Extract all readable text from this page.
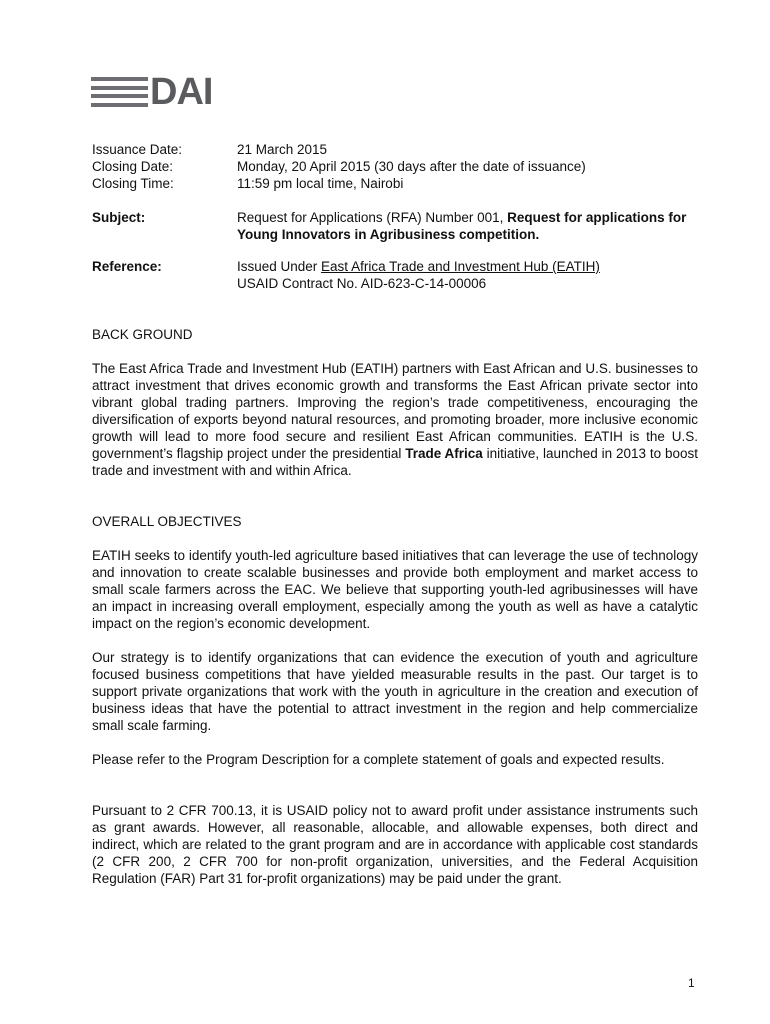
DAI
Issuance Date:	21 March 2015
Closing Date:	Monday, 20 April 2015 (30 days after the date of issuance)
Closing Time:	11:59 pm local time, Nairobi
Subject:	Request for Applications (RFA) Number 001, Request for applications for Young Innovators in Agribusiness competition.
Reference:	Issued Under East Africa Trade and Investment Hub (EATIH)
USAID Contract No. AID-623-C-14-00006
BACK GROUND
The East Africa Trade and Investment Hub (EATIH) partners with East African and U.S. businesses to attract investment that drives economic growth and transforms the East African private sector into vibrant global trading partners. Improving the region’s trade competitiveness, encouraging the diversification of exports beyond natural resources, and promoting broader, more inclusive economic growth will lead to more food secure and resilient East African communities. EATIH is the U.S. government’s flagship project under the presidential Trade Africa initiative, launched in 2013 to boost trade and investment with and within Africa.
OVERALL OBJECTIVES
EATIH seeks to identify youth-led agriculture based initiatives that can leverage the use of technology and innovation to create scalable businesses and provide both employment and market access to small scale farmers across the EAC. We believe that supporting youth-led agribusinesses will have an impact in increasing overall employment, especially among the youth as well as have a catalytic impact on the region’s economic development.
Our strategy is to identify organizations that can evidence the execution of youth and agriculture focused business competitions that have yielded measurable results in the past. Our target is to support private organizations that work with the youth in agriculture in the creation and execution of business ideas that have the potential to attract investment in the region and help commercialize small scale farming.
Please refer to the Program Description for a complete statement of goals and expected results.
Pursuant to 2 CFR 700.13, it is USAID policy not to award profit under assistance instruments such as grant awards. However, all reasonable, allocable, and allowable expenses, both direct and indirect, which are related to the grant program and are in accordance with applicable cost standards (2 CFR 200, 2 CFR 700 for non-profit organization, universities, and the Federal Acquisition Regulation (FAR) Part 31 for-profit organizations) may be paid under the grant.
1
